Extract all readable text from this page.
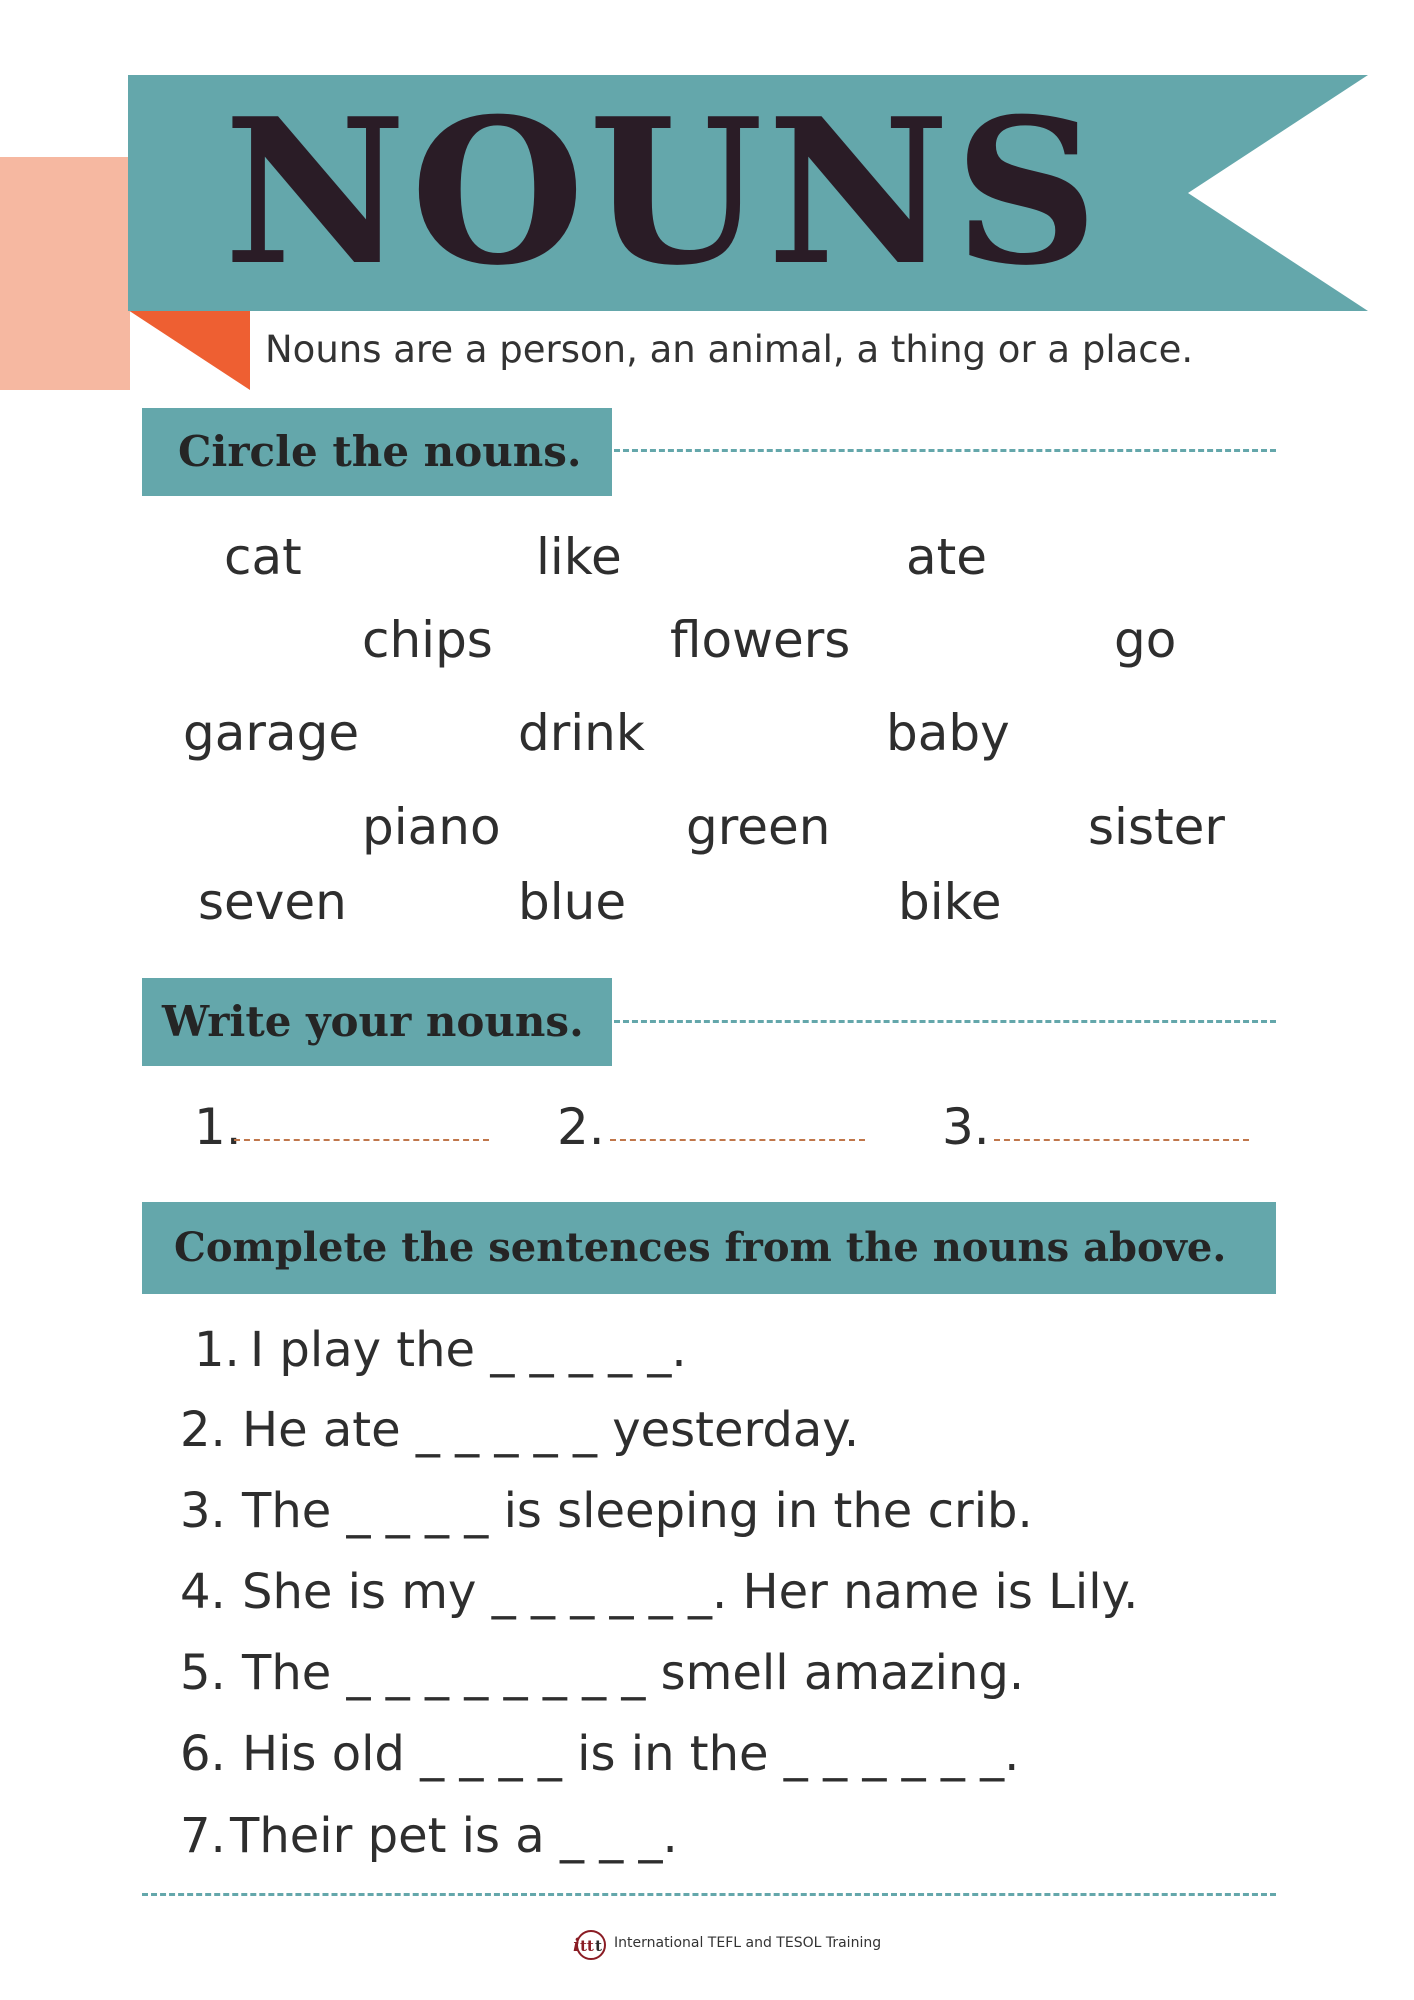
NOUNS
Nouns are a person, an animal, a thing or a place.
Circle the nouns.
cat	like	ate
chips	flowers	go
garage	drink	baby
piano	green	sister
seven	blue	bike
Write your nouns.
1.	2.	3.
Complete the sentences from the nouns above.
1. I play the _ _ _ _ _.
2. He ate _ _ _ _ _ yesterday.
3. The _ _ _ _ is sleeping in the crib.
4. She is my _ _ _ _ _ _. Her name is Lily.
5. The _ _ _ _ _ _ _ _ smell amazing.
6. His old _ _ _ _ is in the _ _ _ _ _ _.
7.Their pet is a _ _ _.
i tt t International TEFL and TESOL Training
